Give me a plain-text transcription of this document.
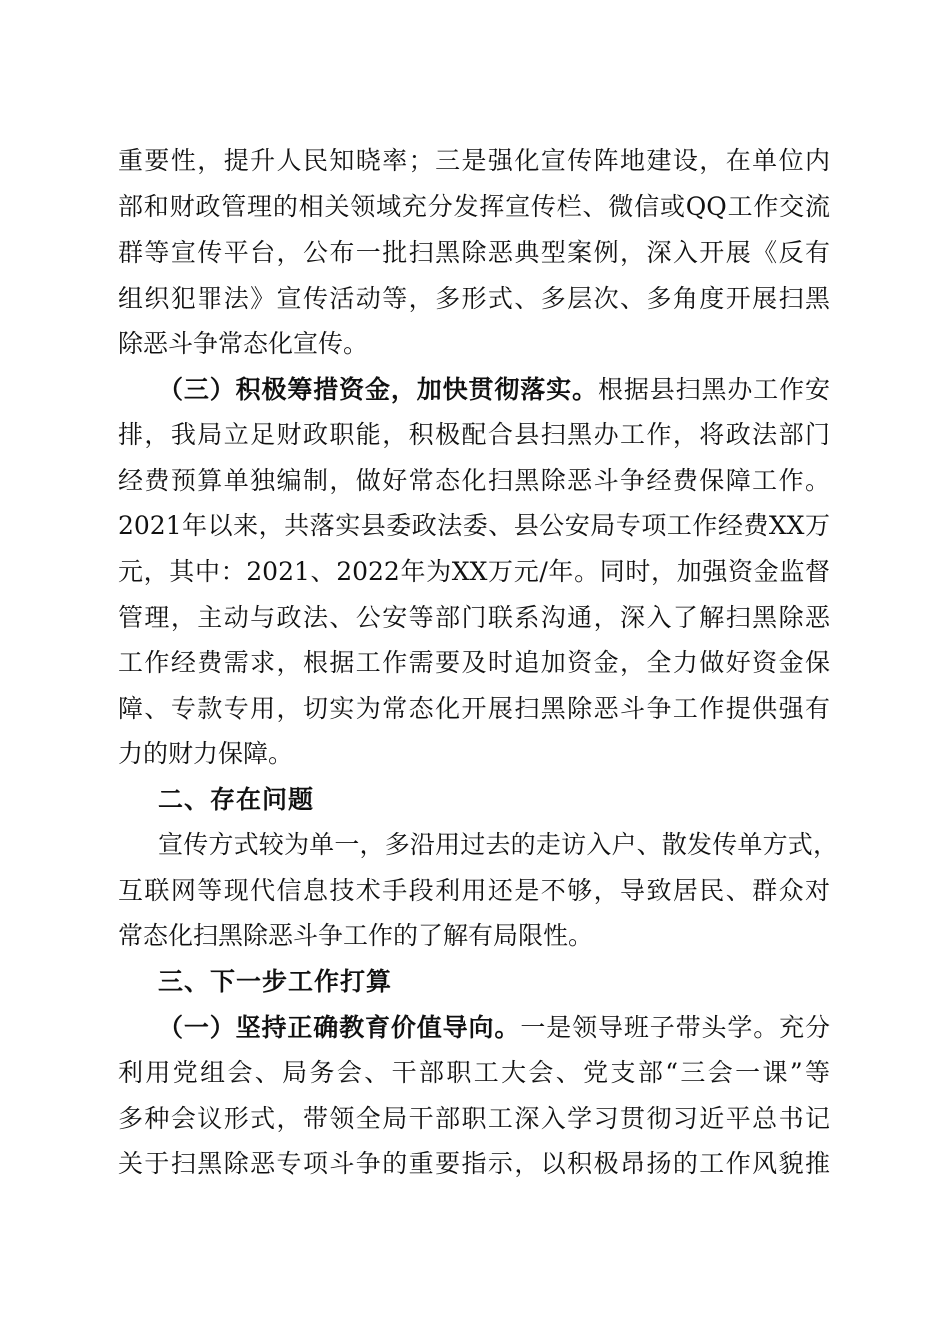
重要性，提升人民知晓率；三是强化宣传阵地建设，在单位内
部和财政管理的相关领域充分发挥宣传栏、微信或QQ工作交流
群等宣传平台，公布一批扫黑除恶典型案例，深入开展《反有
组织犯罪法》宣传活动等，多形式、多层次、多角度开展扫黑
除恶斗争常态化宣传。
（三）积极筹措资金，加快贯彻落实。根据县扫黑办工作安
排，我局立足财政职能，积极配合县扫黑办工作，将政法部门
经费预算单独编制，做好常态化扫黑除恶斗争经费保障工作。
2021年以来，共落实县委政法委、县公安局专项工作经费XX万
元，其中：2021、2022年为XX万元/年。同时，加强资金监督
管理，主动与政法、公安等部门联系沟通，深入了解扫黑除恶
工作经费需求，根据工作需要及时追加资金，全力做好资金保
障、专款专用，切实为常态化开展扫黑除恶斗争工作提供强有
力的财力保障。
二、存在问题
宣传方式较为单一，多沿用过去的走访入户、散发传单方式，
互联网等现代信息技术手段利用还是不够，导致居民、群众对
常态化扫黑除恶斗争工作的了解有局限性。
三、下一步工作打算
（一）坚持正确教育价值导向。一是领导班子带头学。充分
利用党组会、局务会、干部职工大会、党支部“三会一课”等
多种会议形式，带领全局干部职工深入学习贯彻习近平总书记
关于扫黑除恶专项斗争的重要指示，以积极昂扬的工作风貌推
